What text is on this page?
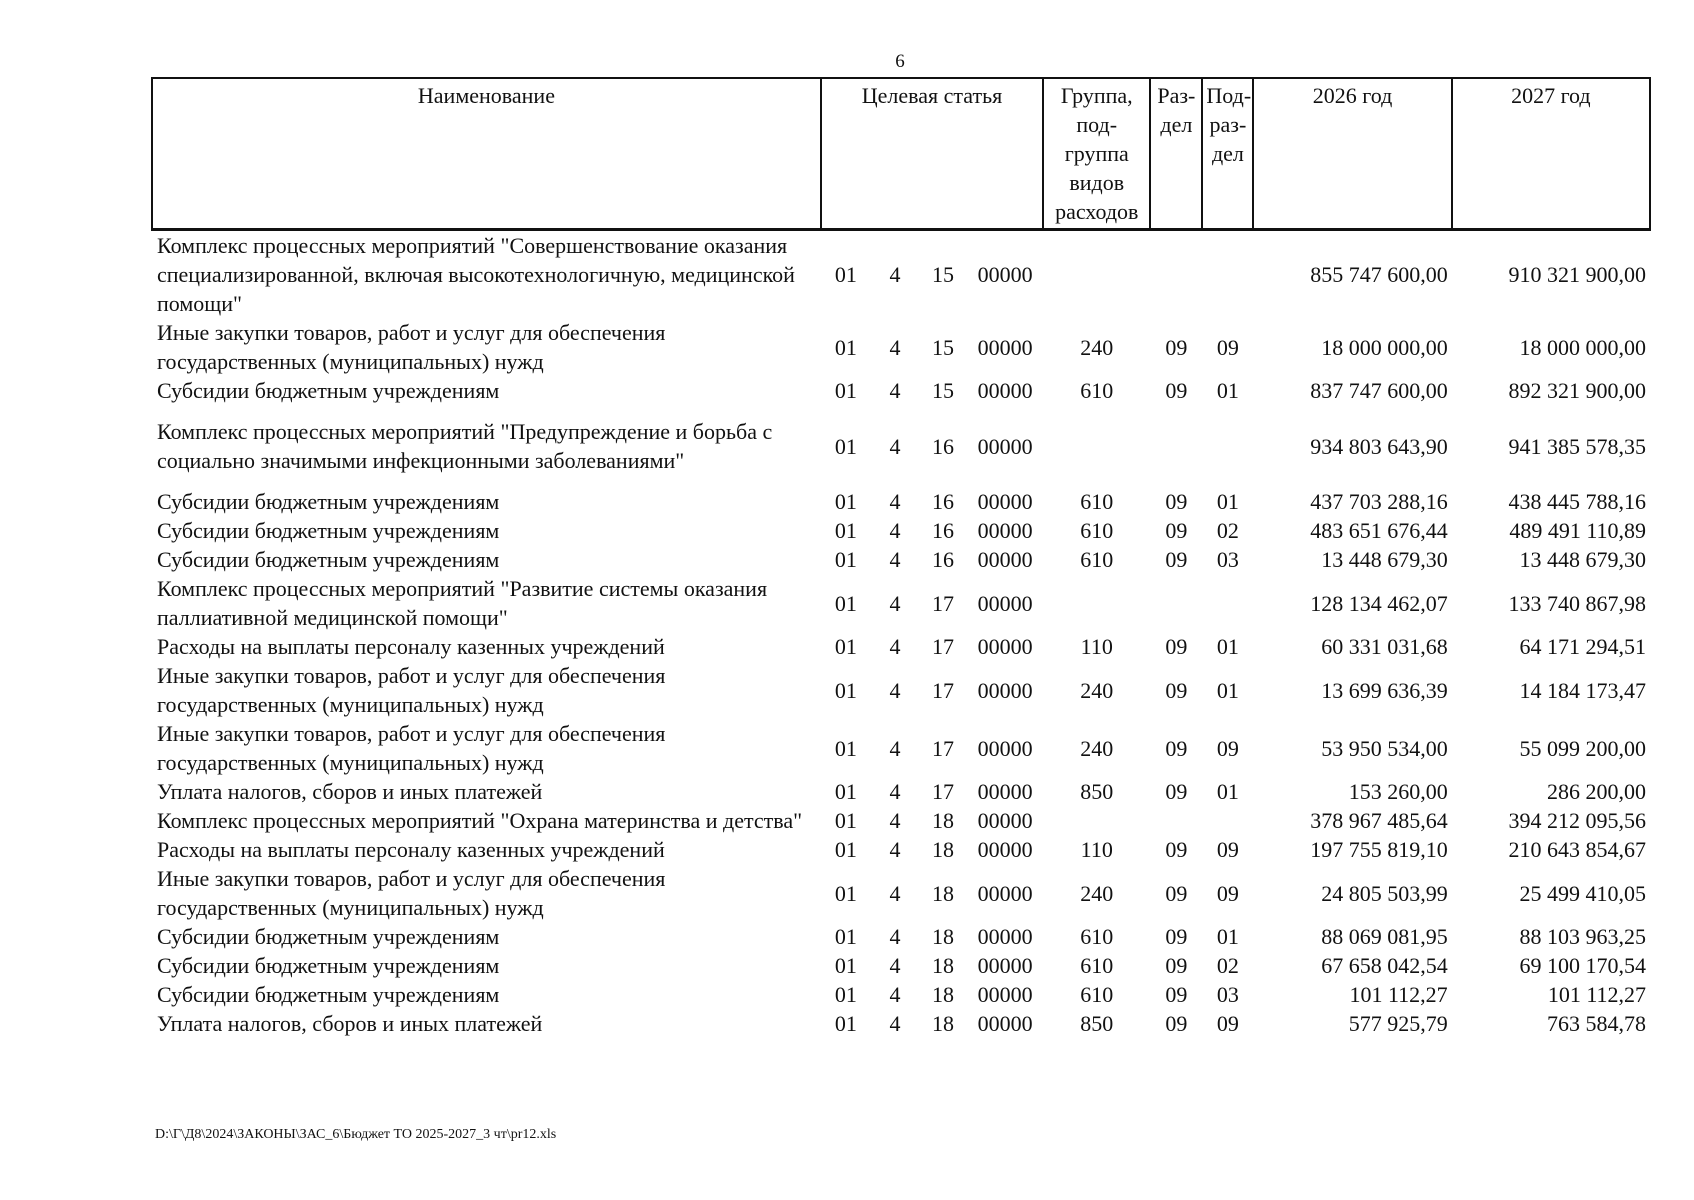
6
Наименование	Целевая статья				Группа, под-группа видов расходов	Раз-дел	Под-раз-дел	2026 год	2027 год
Комплекс процессных мероприятий "Совершенствование оказания специализированной, включая высокотехнологичную, медицинской помощи"	01	4	15	00000				855 747 600,00	910 321 900,00
Иные закупки товаров, работ и услуг для обеспечения государственных (муниципальных) нужд	01	4	15	00000	240	09	09	18 000 000,00	18 000 000,00
Субсидии бюджетным учреждениям	01	4	15	00000	610	09	01	837 747 600,00	892 321 900,00
Комплекс процессных мероприятий "Предупреждение и борьба с социально значимыми инфекционными заболеваниями"	01	4	16	00000				934 803 643,90	941 385 578,35
Субсидии бюджетным учреждениям	01	4	16	00000	610	09	01	437 703 288,16	438 445 788,16
Субсидии бюджетным учреждениям	01	4	16	00000	610	09	02	483 651 676,44	489 491 110,89
Субсидии бюджетным учреждениям	01	4	16	00000	610	09	03	13 448 679,30	13 448 679,30
Комплекс процессных мероприятий "Развитие системы оказания паллиативной медицинской помощи"	01	4	17	00000				128 134 462,07	133 740 867,98
Расходы на выплаты персоналу казенных учреждений	01	4	17	00000	110	09	01	60 331 031,68	64 171 294,51
Иные закупки товаров, работ и услуг для обеспечения государственных (муниципальных) нужд	01	4	17	00000	240	09	01	13 699 636,39	14 184 173,47
Иные закупки товаров, работ и услуг для обеспечения государственных (муниципальных) нужд	01	4	17	00000	240	09	09	53 950 534,00	55 099 200,00
Уплата налогов, сборов и иных платежей	01	4	17	00000	850	09	01	153 260,00	286 200,00
Комплекс процессных мероприятий "Охрана материнства и детства"	01	4	18	00000				378 967 485,64	394 212 095,56
Расходы на выплаты персоналу казенных учреждений	01	4	18	00000	110	09	09	197 755 819,10	210 643 854,67
Иные закупки товаров, работ и услуг для обеспечения государственных (муниципальных) нужд	01	4	18	00000	240	09	09	24 805 503,99	25 499 410,05
Субсидии бюджетным учреждениям	01	4	18	00000	610	09	01	88 069 081,95	88 103 963,25
Субсидии бюджетным учреждениям	01	4	18	00000	610	09	02	67 658 042,54	69 100 170,54
Субсидии бюджетным учреждениям	01	4	18	00000	610	09	03	101 112,27	101 112,27
Уплата налогов, сборов и иных платежей	01	4	18	00000	850	09	09	577 925,79	763 584,78
D:\Г\Д8\2024\ЗАКОНЫ\ЗАС_6\Бюджет ТО 2025-2027_3 чт\pr12.xls
